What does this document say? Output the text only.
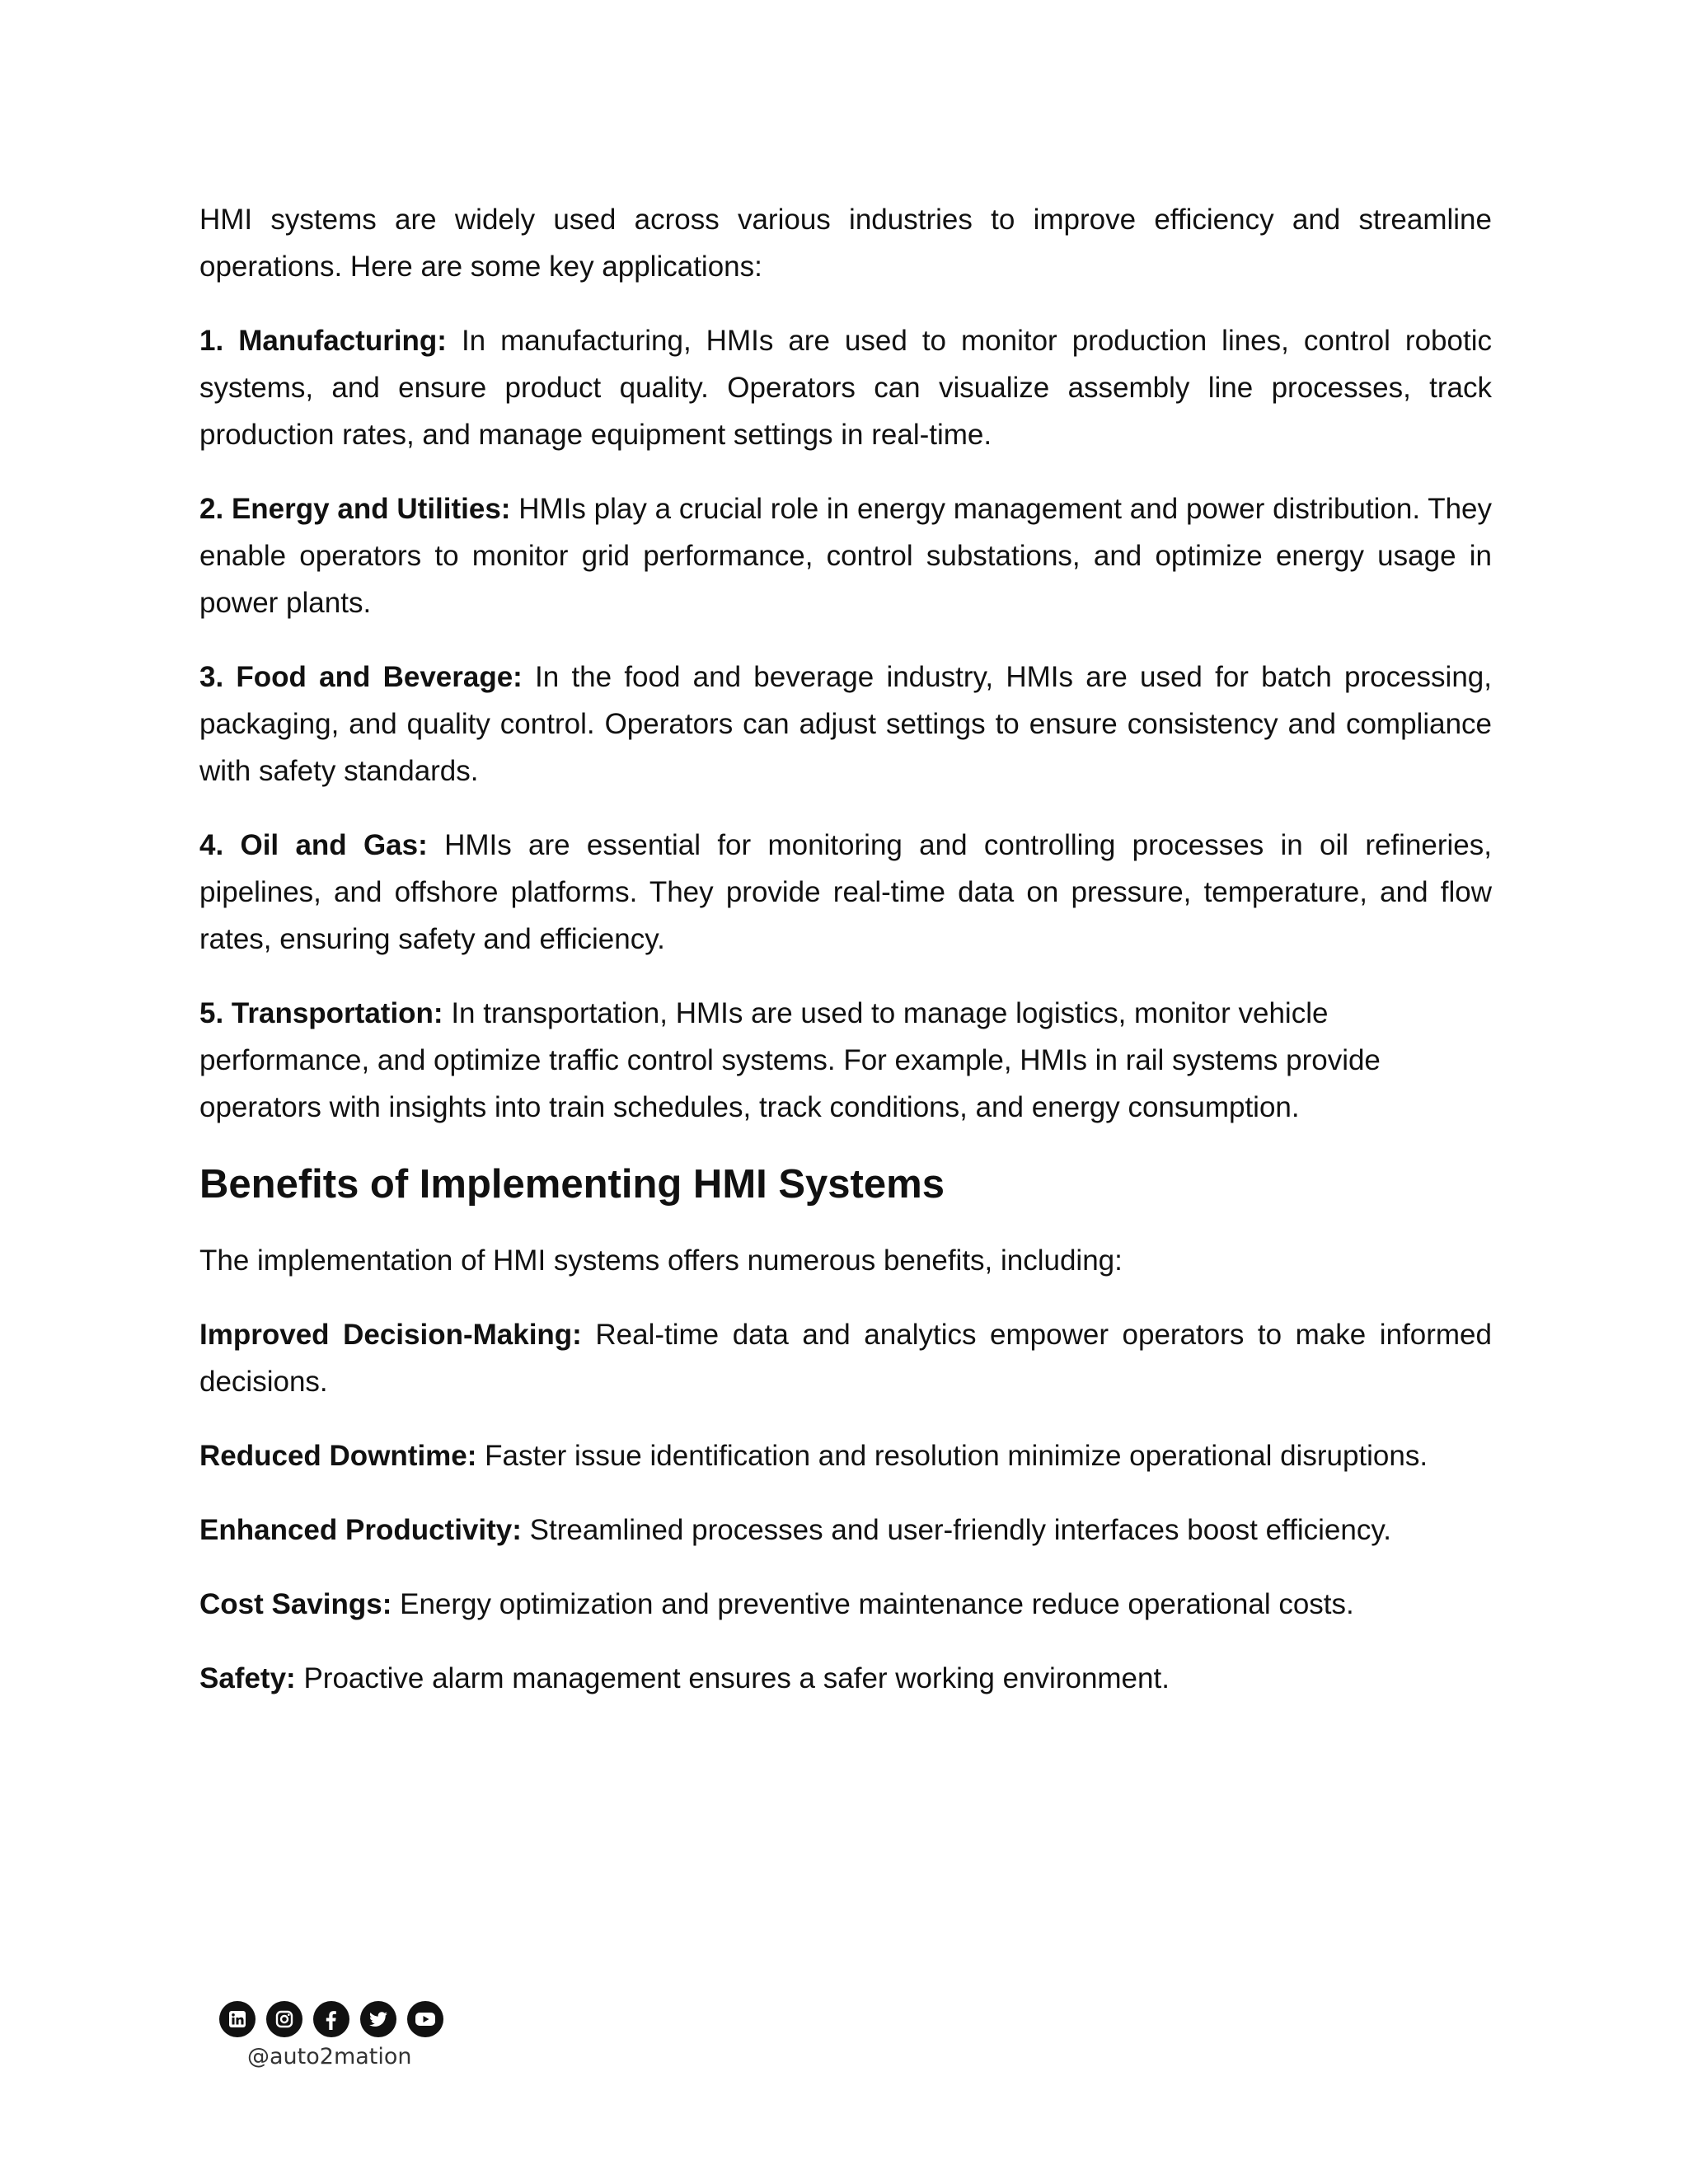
HMI systems are widely used across various industries to improve efficiency and streamline operations. Here are some key applications:

1. Manufacturing: In manufacturing, HMIs are used to monitor production lines, control robotic systems, and ensure product quality. Operators can visualize assembly line processes, track production rates, and manage equipment settings in real-time.

2. Energy and Utilities: HMIs play a crucial role in energy management and power distribution. They enable operators to monitor grid performance, control substations, and optimize energy usage in power plants.

3. Food and Beverage: In the food and beverage industry, HMIs are used for batch processing, packaging, and quality control. Operators can adjust settings to ensure consistency and compliance with safety standards.

4. Oil and Gas: HMIs are essential for monitoring and controlling processes in oil refineries, pipelines, and offshore platforms. They provide real-time data on pressure, temperature, and flow rates, ensuring safety and efficiency.

5. Transportation: In transportation, HMIs are used to manage logistics, monitor vehicle performance, and optimize traffic control systems. For example, HMIs in rail systems provide operators with insights into train schedules, track conditions, and energy consumption.

Benefits of Implementing HMI Systems

The implementation of HMI systems offers numerous benefits, including:

Improved Decision-Making: Real-time data and analytics empower operators to make informed decisions.

Reduced Downtime: Faster issue identification and resolution minimize operational disruptions.

Enhanced Productivity: Streamlined processes and user-friendly interfaces boost efficiency.

Cost Savings: Energy optimization and preventive maintenance reduce operational costs.

Safety: Proactive alarm management ensures a safer working environment.

@auto2mation
